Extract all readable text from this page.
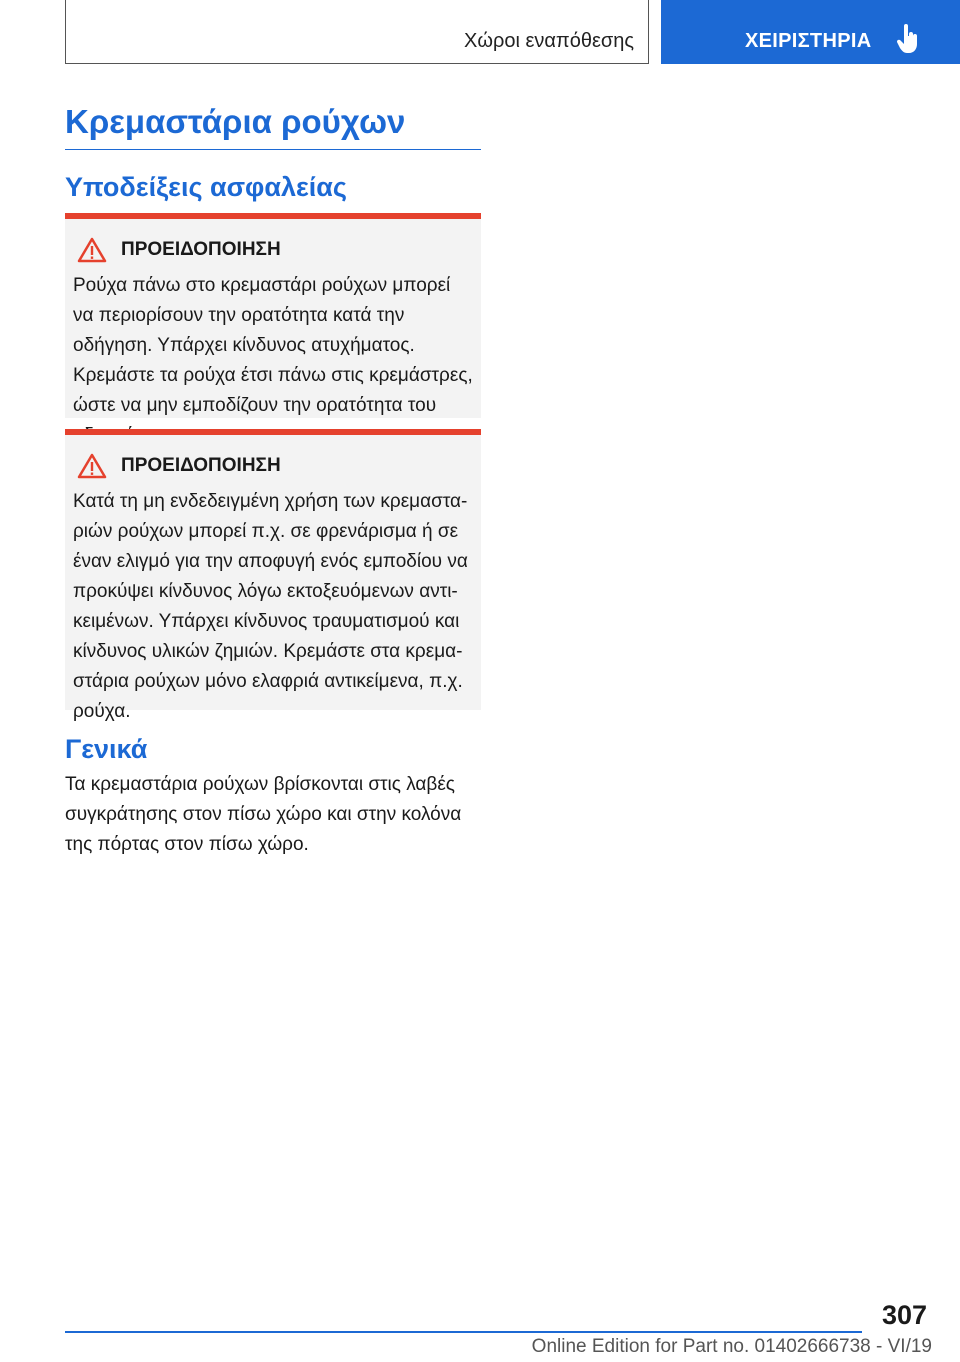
Χώροι εναπόθεσης	ΧΕΙΡΙΣΤΗΡΙΑ
Κρεμαστάρια ρούχων
Υποδείξεις ασφαλείας
ΠΡΟΕΙΔΟΠΟΙΗΣΗ

Ρούχα πάνω στο κρεμαστάρι ρούχων μπορεί να περιορίσουν την ορατότητα κατά την οδήγηση. Υπάρχει κίνδυνος ατυχήματος. Κρεμάστε τα ρούχα έτσι πάνω στις κρεμάστρες, ώστε να μην εμποδίζουν την ορατότητα του

ΠΡΟΕΙΔΟΠΟΙΗΣΗ

Κατά τη μη ενδεδειγμένη χρήση των κρεμαστα-ριών ρούχων μπορεί π.χ. σε φρενάρισμα ή σε έναν ελιγμό για την αποφυγή ενός εμποδίου να προκύψει κίνδυνος λόγω εκτοξευόμενων αντι-κειμένων. Υπάρχει κίνδυνος τραυματισμού και κίνδυνος υλικών ζημιών. Κρεμάστε στα κρεμα-στάρια ρούχων μόνο ελαφριά αντικείμενα, π.χ. ρούχα.

Γενικά

Τα κρεμαστάρια ρούχων βρίσκονται στις λαβές συγκράτησης στον πίσω χώρο και στην κολόνα της πόρτας στον πίσω χώρο.

307
Online Edition for Part no. 01402666738 - VI/19
